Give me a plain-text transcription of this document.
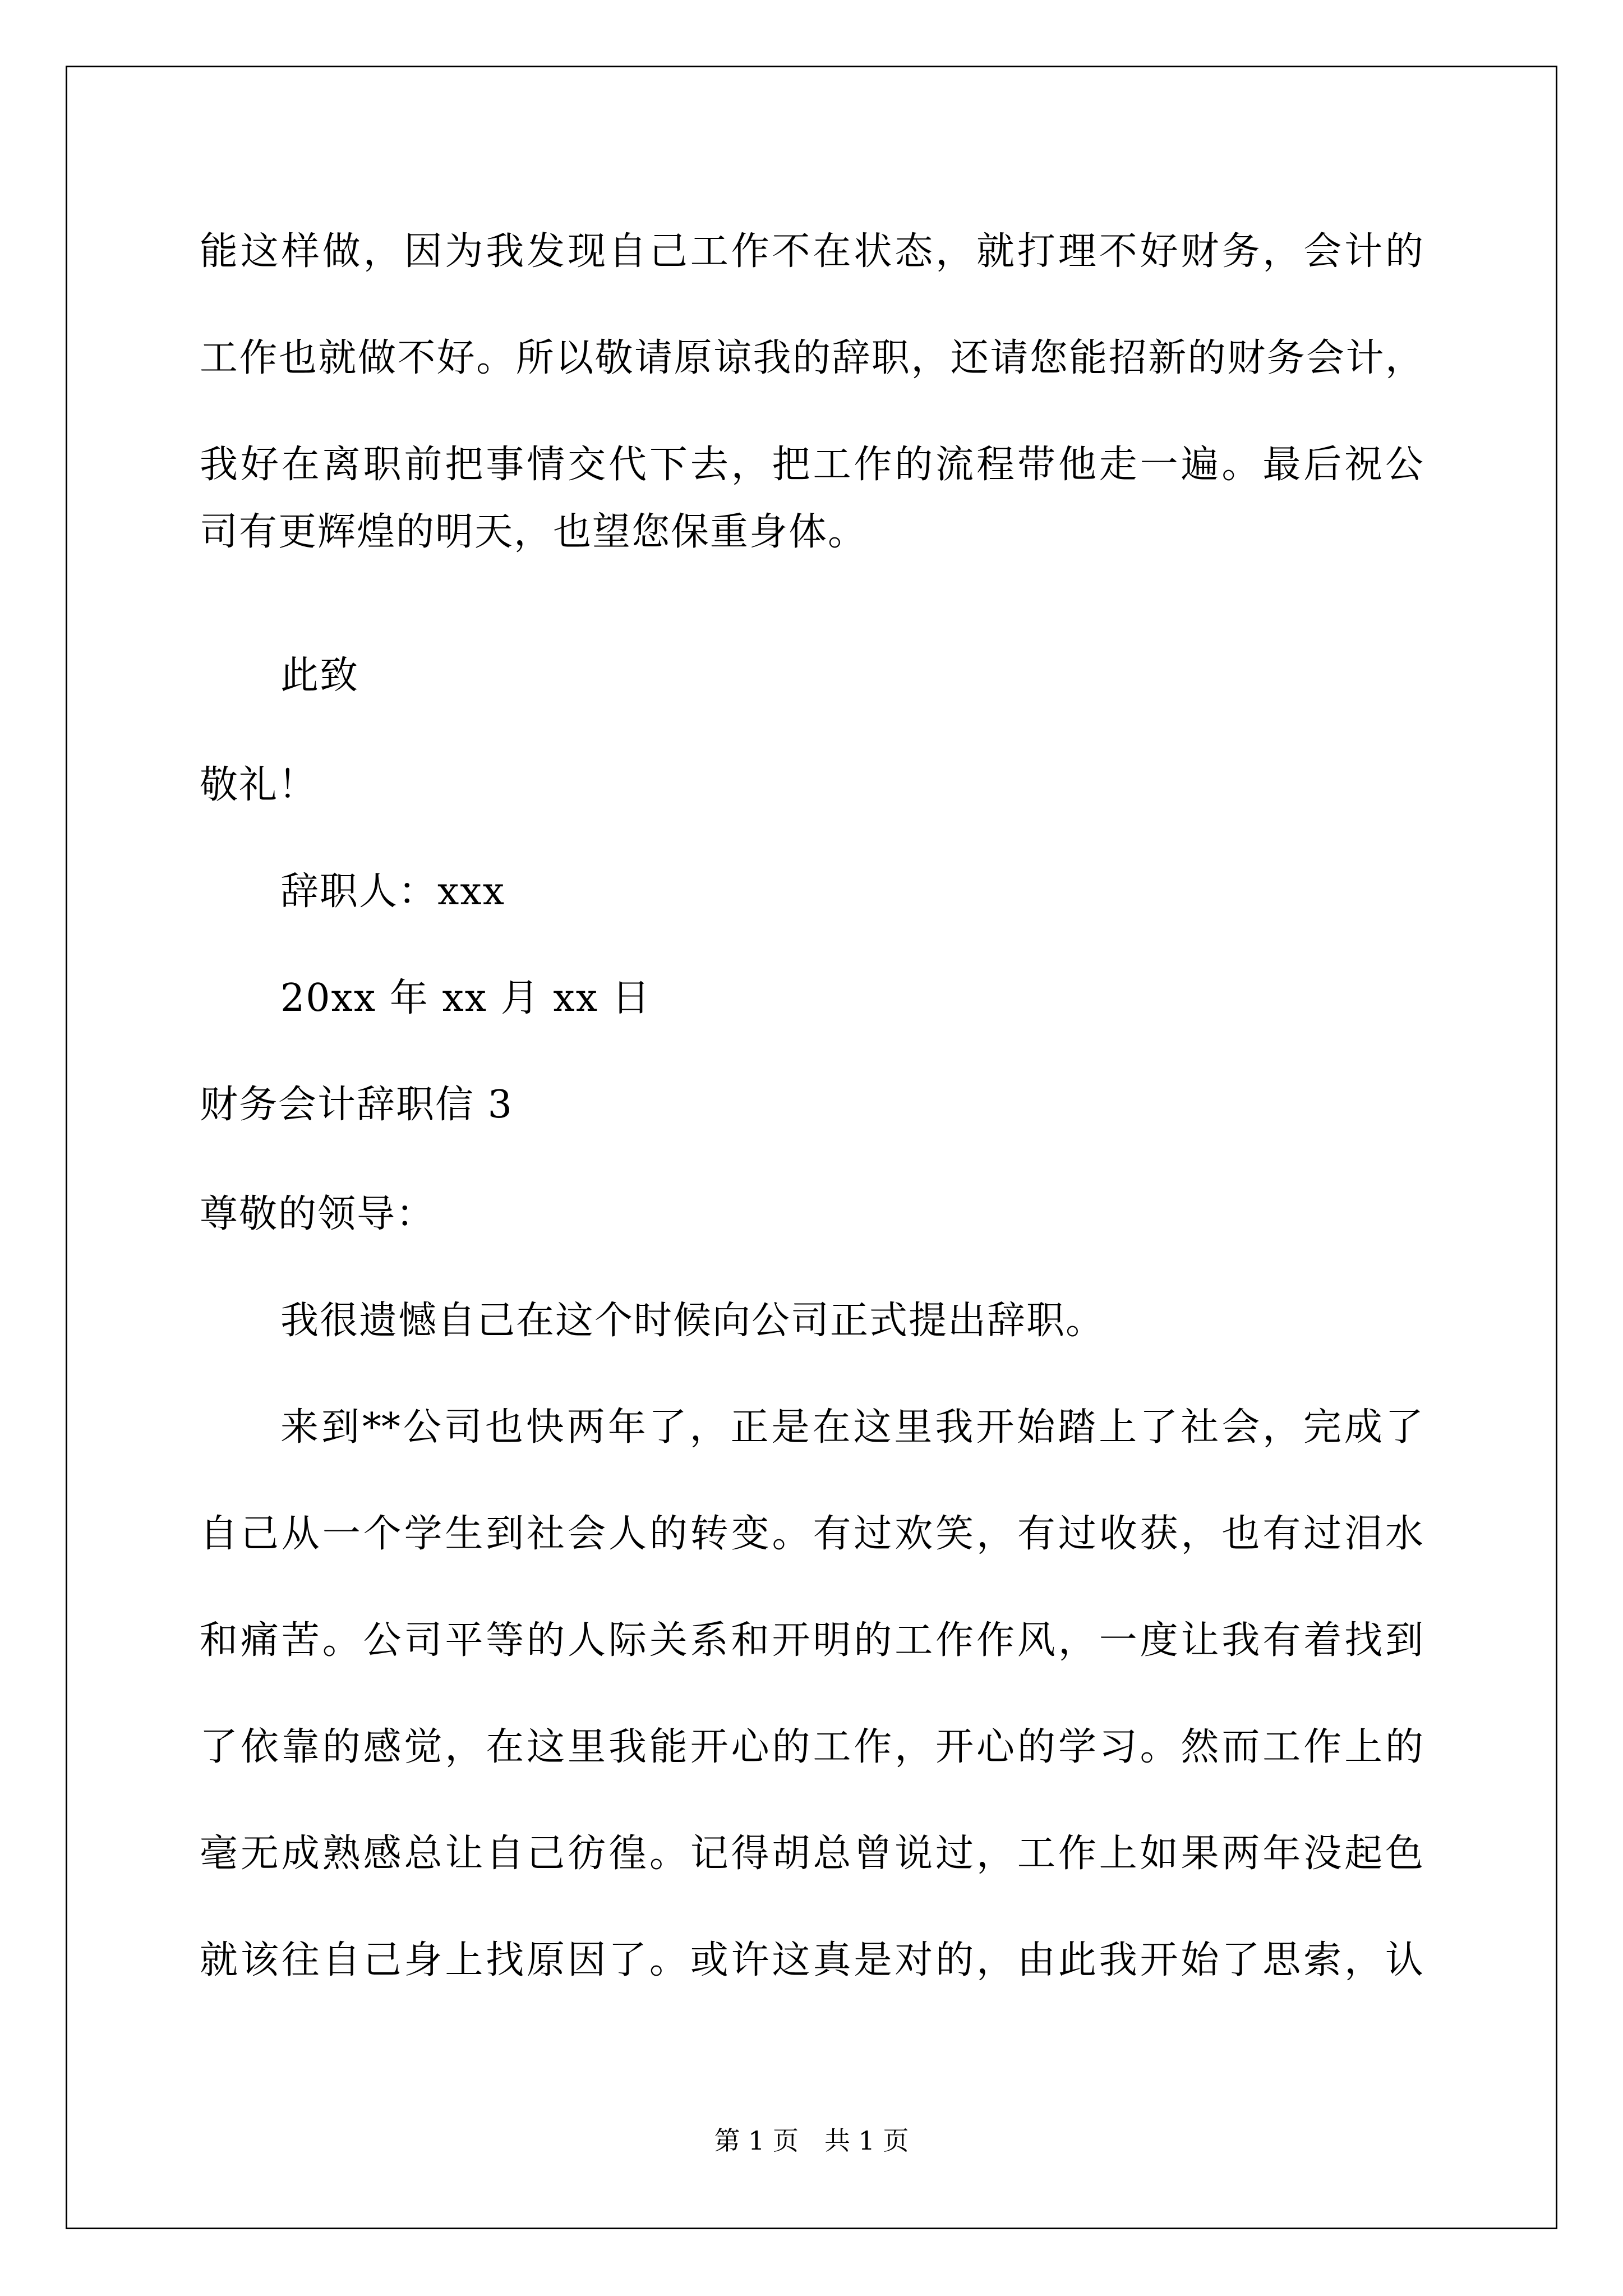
能这样做，因为我发现自己工作不在状态，就打理不好财务，会计的
工作也就做不好。所以敬请原谅我的辞职，还请您能招新的财务会计，
我好在离职前把事情交代下去，把工作的流程带他走一遍。最后祝公
司有更辉煌的明天，也望您保重身体。
此致
敬礼！
辞职人：xxx
20xx 年 xx 月 xx 日
财务会计辞职信 3
尊敬的领导：
我很遗憾自己在这个时候向公司正式提出辞职。
来到**公司也快两年了，正是在这里我开始踏上了社会，完成了
自己从一个学生到社会人的转变。有过欢笑，有过收获，也有过泪水
和痛苦。公司平等的人际关系和开明的工作作风，一度让我有着找到
了依靠的感觉，在这里我能开心的工作，开心的学习。然而工作上的
毫无成熟感总让自己彷徨。记得胡总曾说过，工作上如果两年没起色
就该往自己身上找原因了。或许这真是对的，由此我开始了思索，认
第 1 页 共 1 页
